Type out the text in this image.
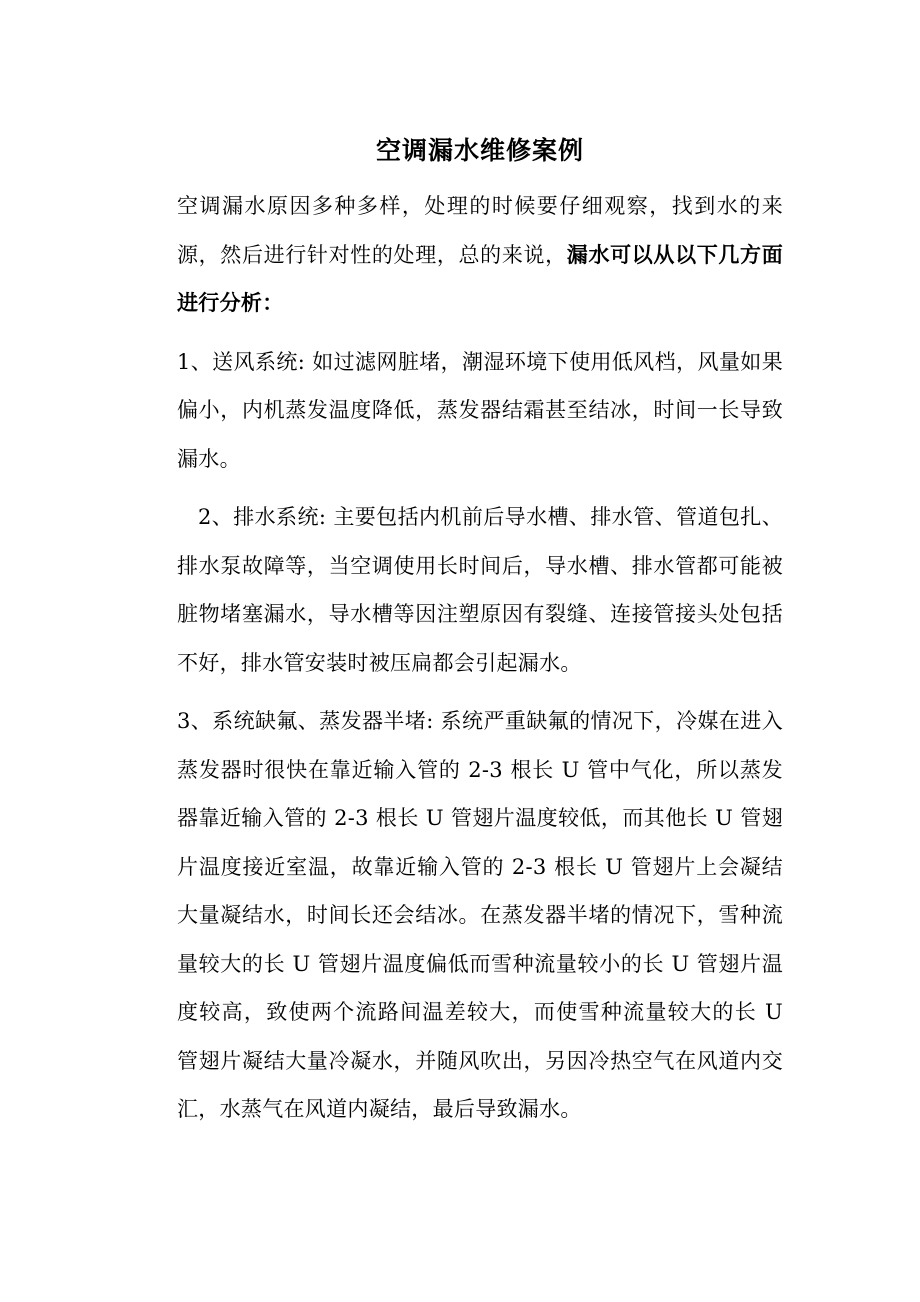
空调漏水维修案例

空调漏水原因多种多样，处理的时候要仔细观察，找到水的来源，然后进行针对性的处理，总的来说，漏水可以从以下几方面进行分析：

1、送风系统: 如过滤网脏堵，潮湿环境下使用低风档，风量如果偏小，内机蒸发温度降低，蒸发器结霜甚至结冰，时间一长导致漏水。

2、排水系统: 主要包括内机前后导水槽、排水管、管道包扎、排水泵故障等，当空调使用长时间后，导水槽、排水管都可能被脏物堵塞漏水，导水槽等因注塑原因有裂缝、连接管接头处包括不好，排水管安装时被压扁都会引起漏水。

3、系统缺氟、蒸发器半堵: 系统严重缺氟的情况下，冷媒在进入蒸发器时很快在靠近输入管的 2-3 根长 U 管中气化，所以蒸发器靠近输入管的 2-3 根长 U 管翅片温度较低，而其他长 U 管翅片温度接近室温，故靠近输入管的 2-3 根长 U 管翅片上会凝结大量凝结水，时间长还会结冰。在蒸发器半堵的情况下，雪种流量较大的长 U 管翅片温度偏低而雪种流量较小的长 U 管翅片温度较高，致使两个流路间温差较大，而使雪种流量较大的长 U 管翅片凝结大量冷凝水，并随风吹出，另因冷热空气在风道内交汇，水蒸气在风道内凝结，最后导致漏水。
